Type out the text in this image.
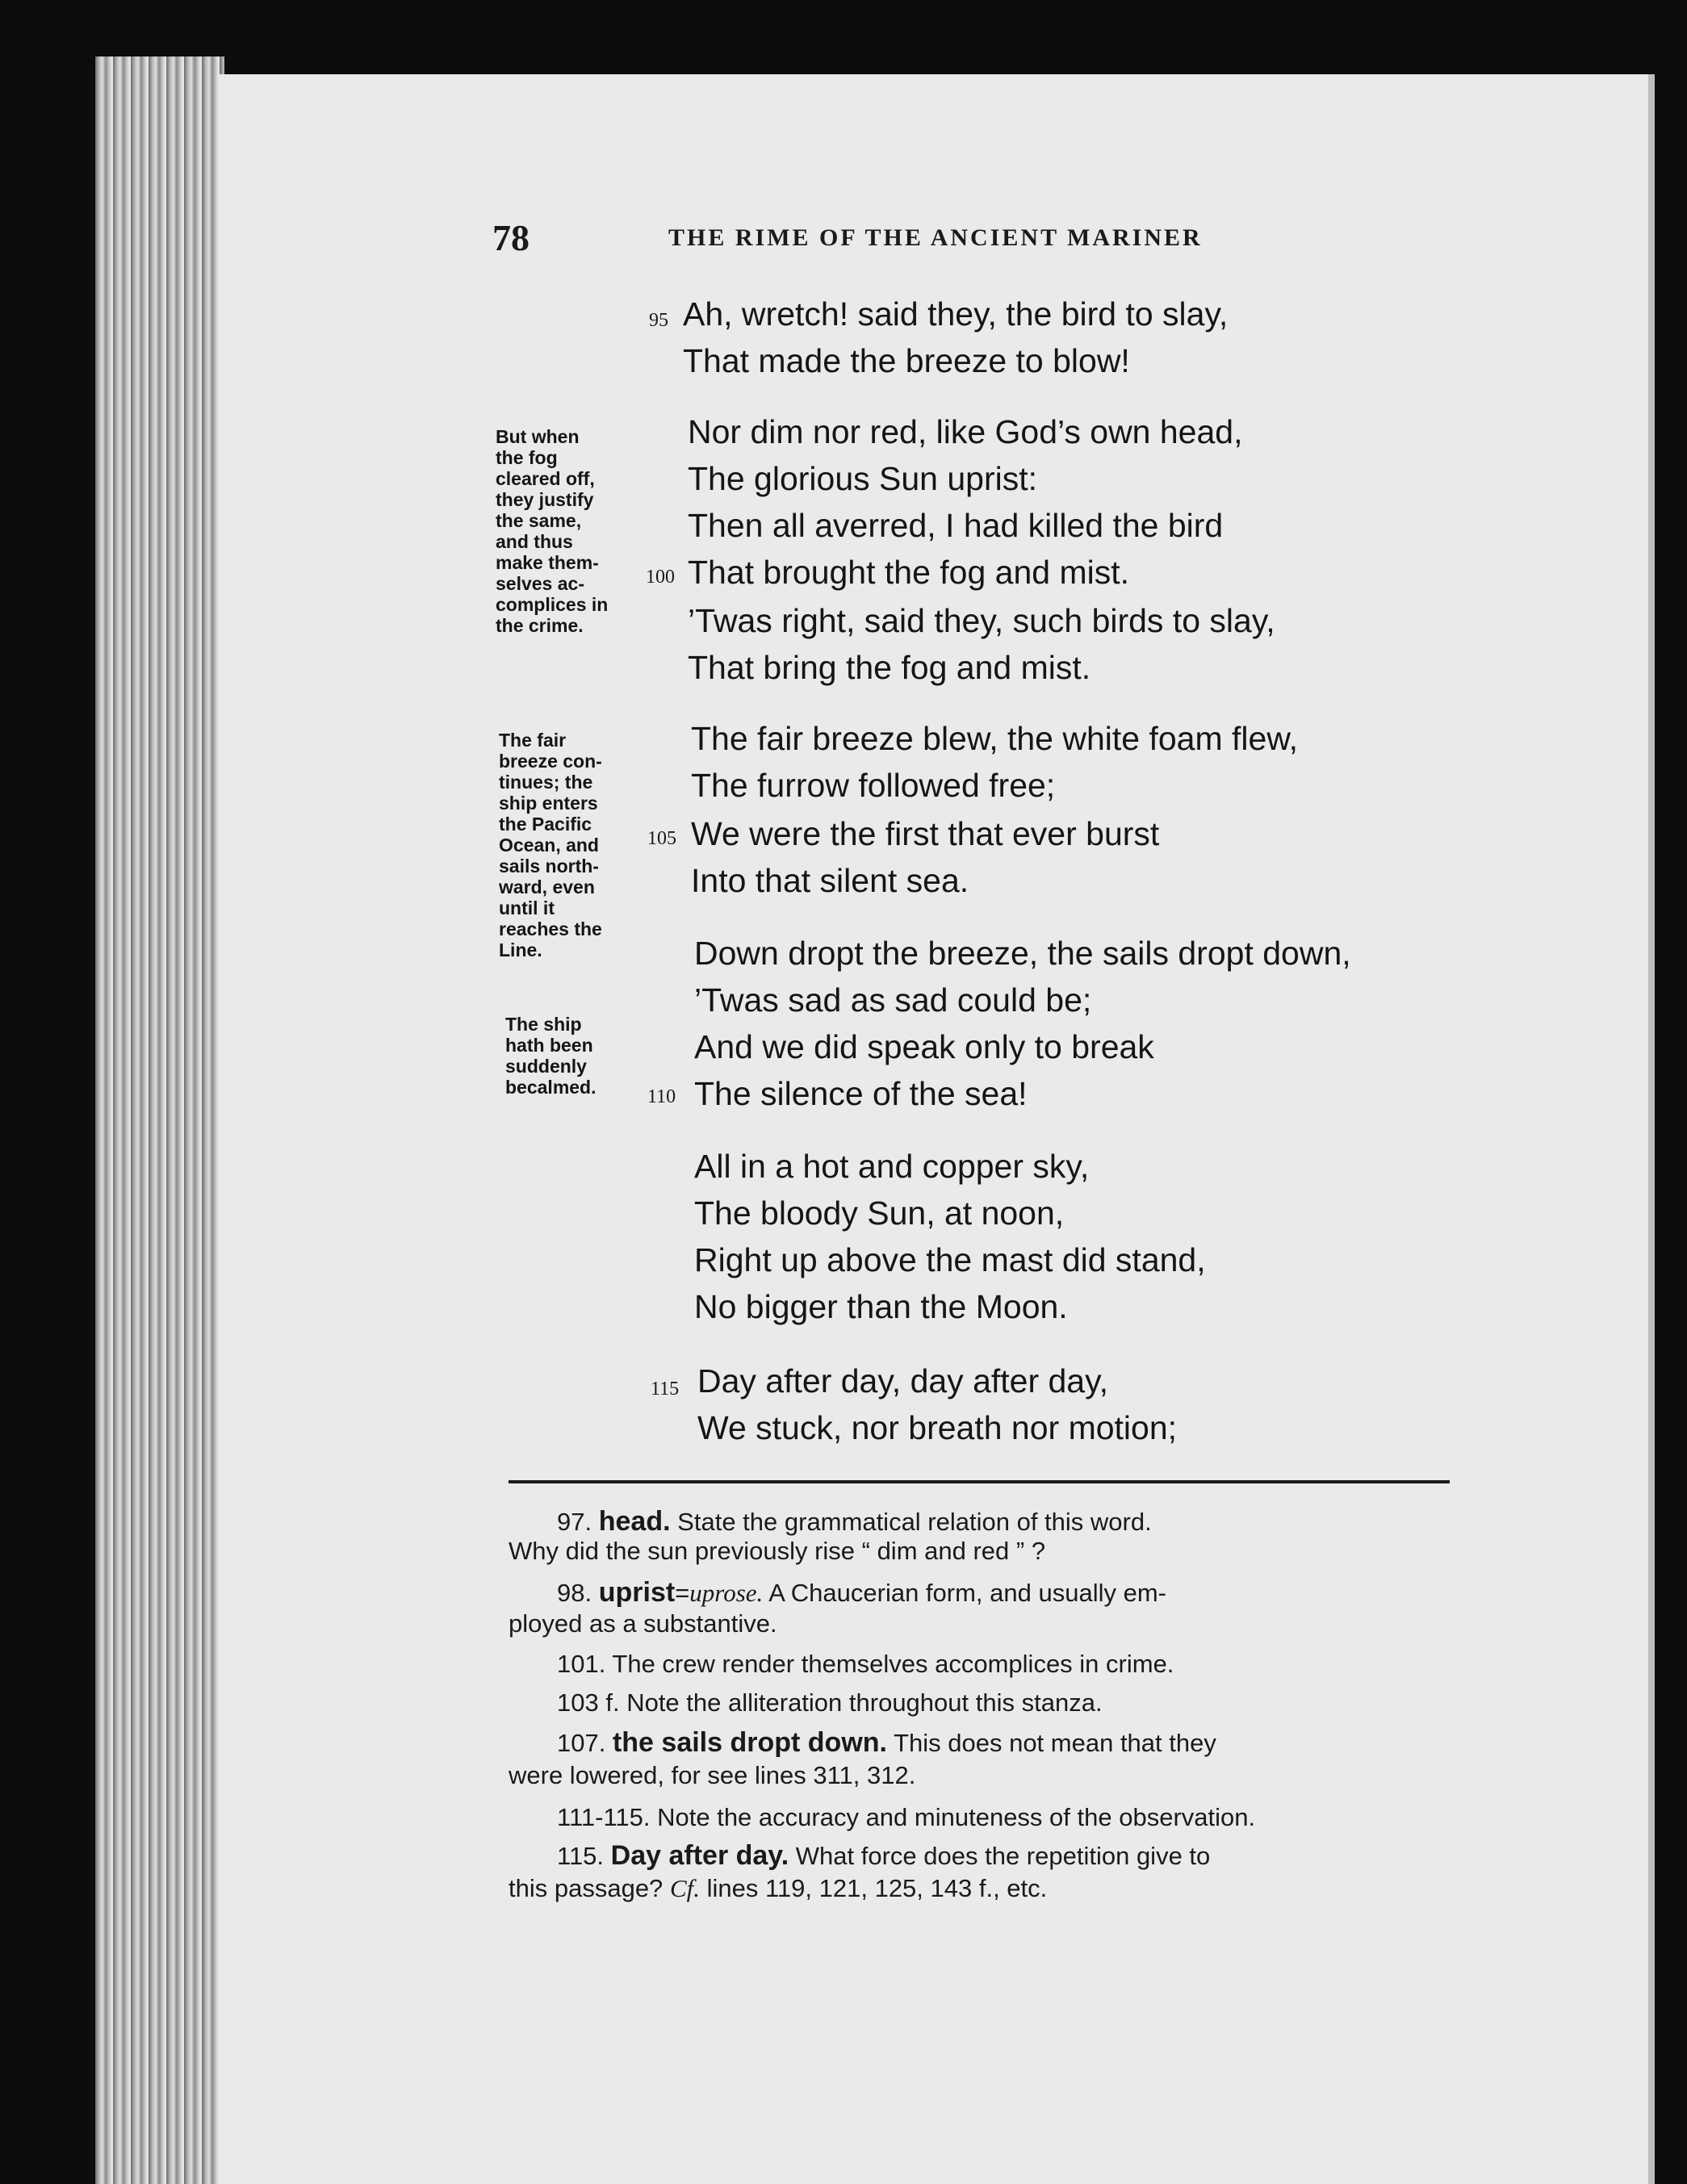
78	THE RIME OF THE ANCIENT MARINER
95
100
105
110
115
Ah, wretch! said they, the bird to slay,
That made the breeze to blow!
Nor dim nor red, like God’s own head,
The glorious Sun uprist:
Then all averred, I had killed the bird
That brought the fog and mist.
’Twas right, said they, such birds to slay,
That bring the fog and mist.
The fair breeze blew, the white foam flew,
The furrow followed free;
We were the first that ever burst
Into that silent sea.
Down dropt the breeze, the sails dropt down,
’Twas sad as sad could be;
And we did speak only to break
The silence of the sea!
All in a hot and copper sky,
The bloody Sun, at noon,
Right up above the mast did stand,
No bigger than the Moon.
Day after day, day after day,
We stuck, nor breath nor motion;
But when
the fog
cleared off,
they justify
the same,
and thus
make them-
selves ac-
complices in
the crime.
The fair
breeze con-
tinues; the
ship enters
the Pacific
Ocean, and
sails north-
ward, even
until it
reaches the
Line.
The ship
hath been
suddenly
becalmed.
97. head. State the grammatical relation of this word.
Why did the sun previously rise “ dim and red ” ?
98. uprist=uprose. A Chaucerian form, and usually em-
ployed as a substantive.
101. The crew render themselves accomplices in crime.
103 f. Note the alliteration throughout this stanza.
107. the sails dropt down. This does not mean that they
were lowered, for see lines 311, 312.
111-115. Note the accuracy and minuteness of the observation.
115. Day after day. What force does the repetition give to
this passage? Cf. lines 119, 121, 125, 143 f., etc.
